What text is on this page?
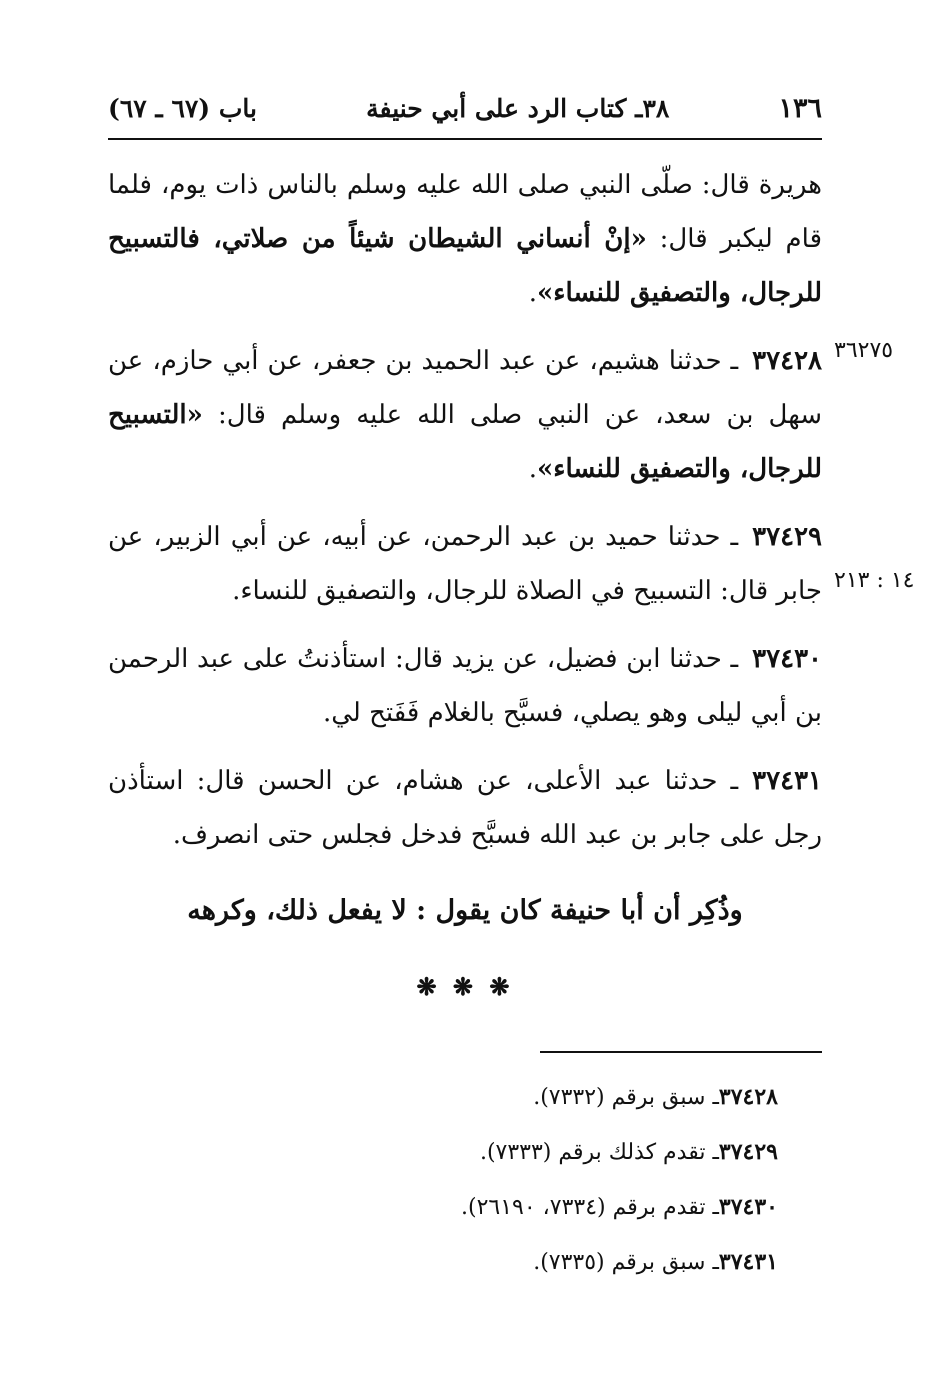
١٣٦
٣٨ـ كتاب الرد على أبي حنيفة
باب (٦٧ ـ ٦٧)

هريرة قال: صلّى النبي صلى الله عليه وسلم بالناس ذات يوم، فلما قام ليكبر قال: «إنْ أنساني الشيطان شيئاً من صلاتي، فالتسبيح للرجال، والتصفيق للنساء».

٣٦٢٧٥

٣٧٤٢٨ـ حدثنا هشيم، عن عبد الحميد بن جعفر، عن أبي حازم، عن سهل بن سعد، عن النبي صلى الله عليه وسلم قال: «التسبيح للرجال، والتصفيق للنساء».

١٤ : ٢١٣

٣٧٤٢٩ـ حدثنا حميد بن عبد الرحمن، عن أبيه، عن أبي الزبير، عن جابر قال: التسبيح في الصلاة للرجال، والتصفيق للنساء.

٣٧٤٣٠ـ حدثنا ابن فضيل، عن يزيد قال: استأذنتُ على عبد الرحمن بن أبي ليلى وهو يصلي، فسبَّح بالغلام فَفَتح لي.

٣٧٤٣١ـ حدثنا عبد الأعلى، عن هشام، عن الحسن قال: استأذن رجل على جابر بن عبد الله فسبَّح فدخل فجلس حتى انصرف.

وذُكِر أن أبا حنيفة كان يقول : لا يفعل ذلك، وكرهه
❋ ❋ ❋

٣٧٤٢٨ـ سبق برقم (٧٣٣٢).

٣٧٤٢٩ـ تقدم كذلك برقم (٧٣٣٣).

٣٧٤٣٠ـ تقدم برقم (٧٣٣٤، ٢٦١٩٠).

٣٧٤٣١ـ سبق برقم (٧٣٣٥).
